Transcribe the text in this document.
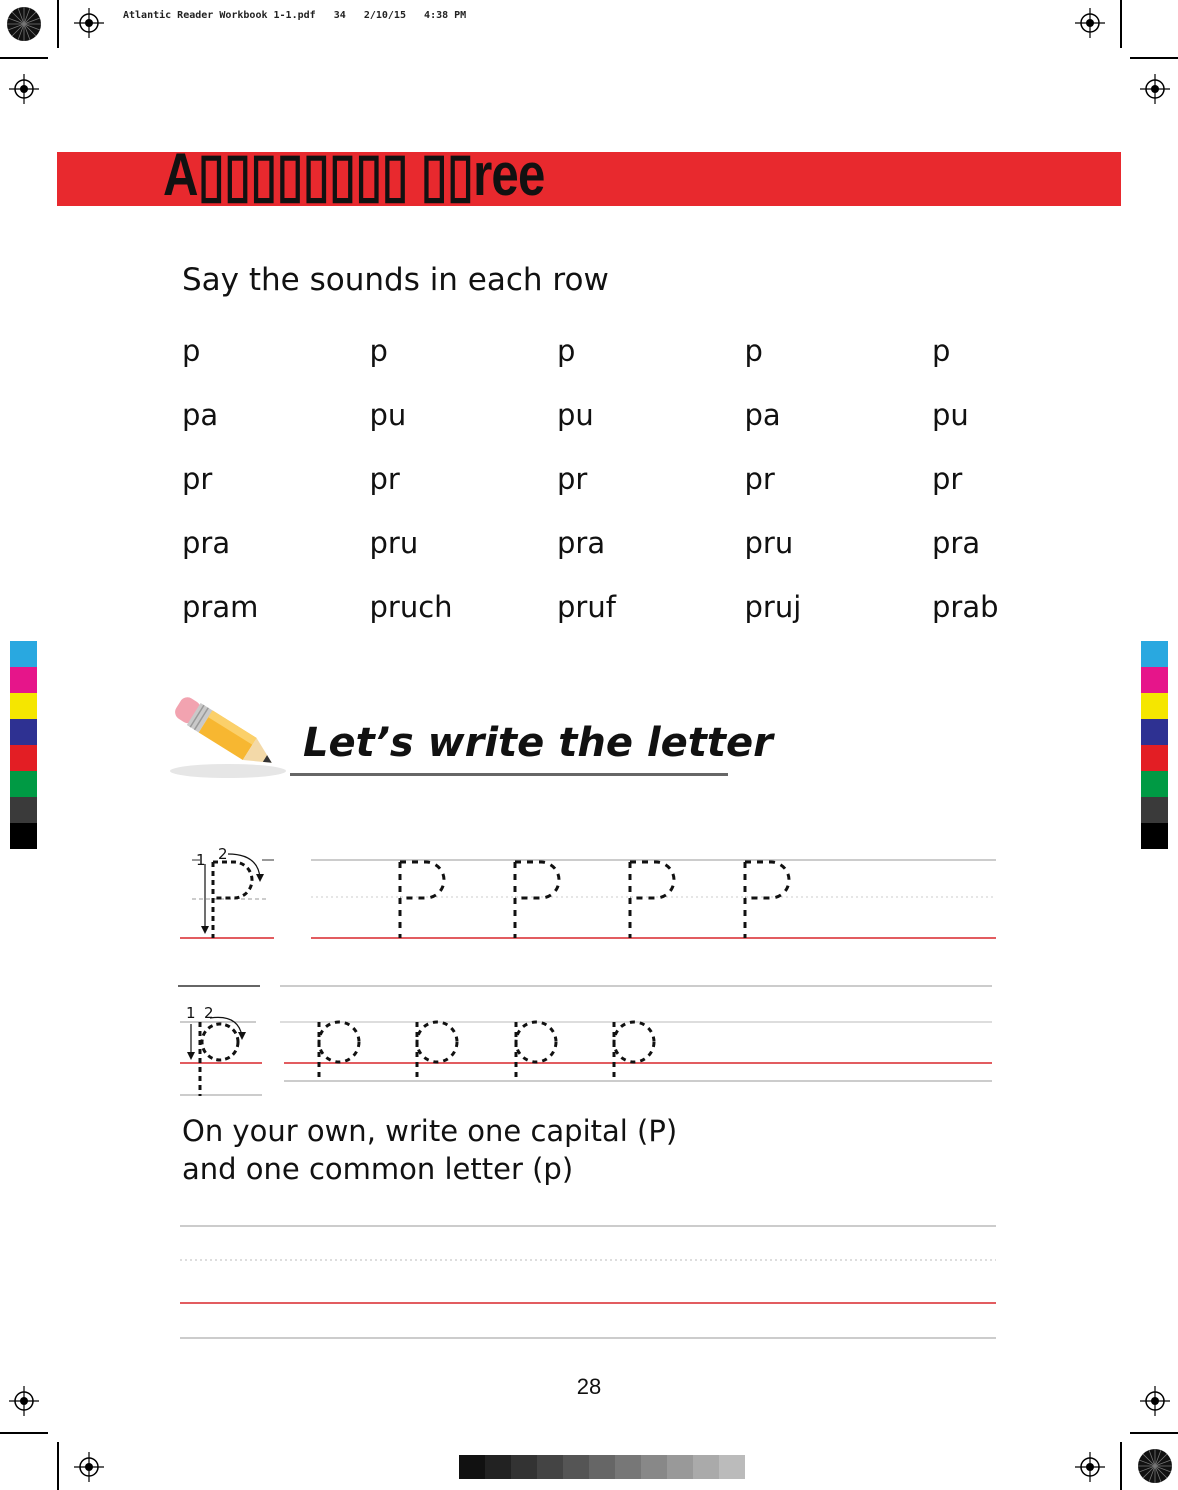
Atlantic Reader Workbook 1-1.pdf 34 2/10/15 4:38 PM
A▯▯▯▯▯▯▯▯ ▯▯ree
Say the sounds in each row
p	p	p	p	p
pa	pu	pu	pa	pu
pr	pr	pr	pr	pr
pra	pru	pra	pru	pra
pram	pruch	pruf	pruj	prab
Let’s write the letter
1 2
1 2
On your own, write one capital (P)
and one common letter (p)
28
